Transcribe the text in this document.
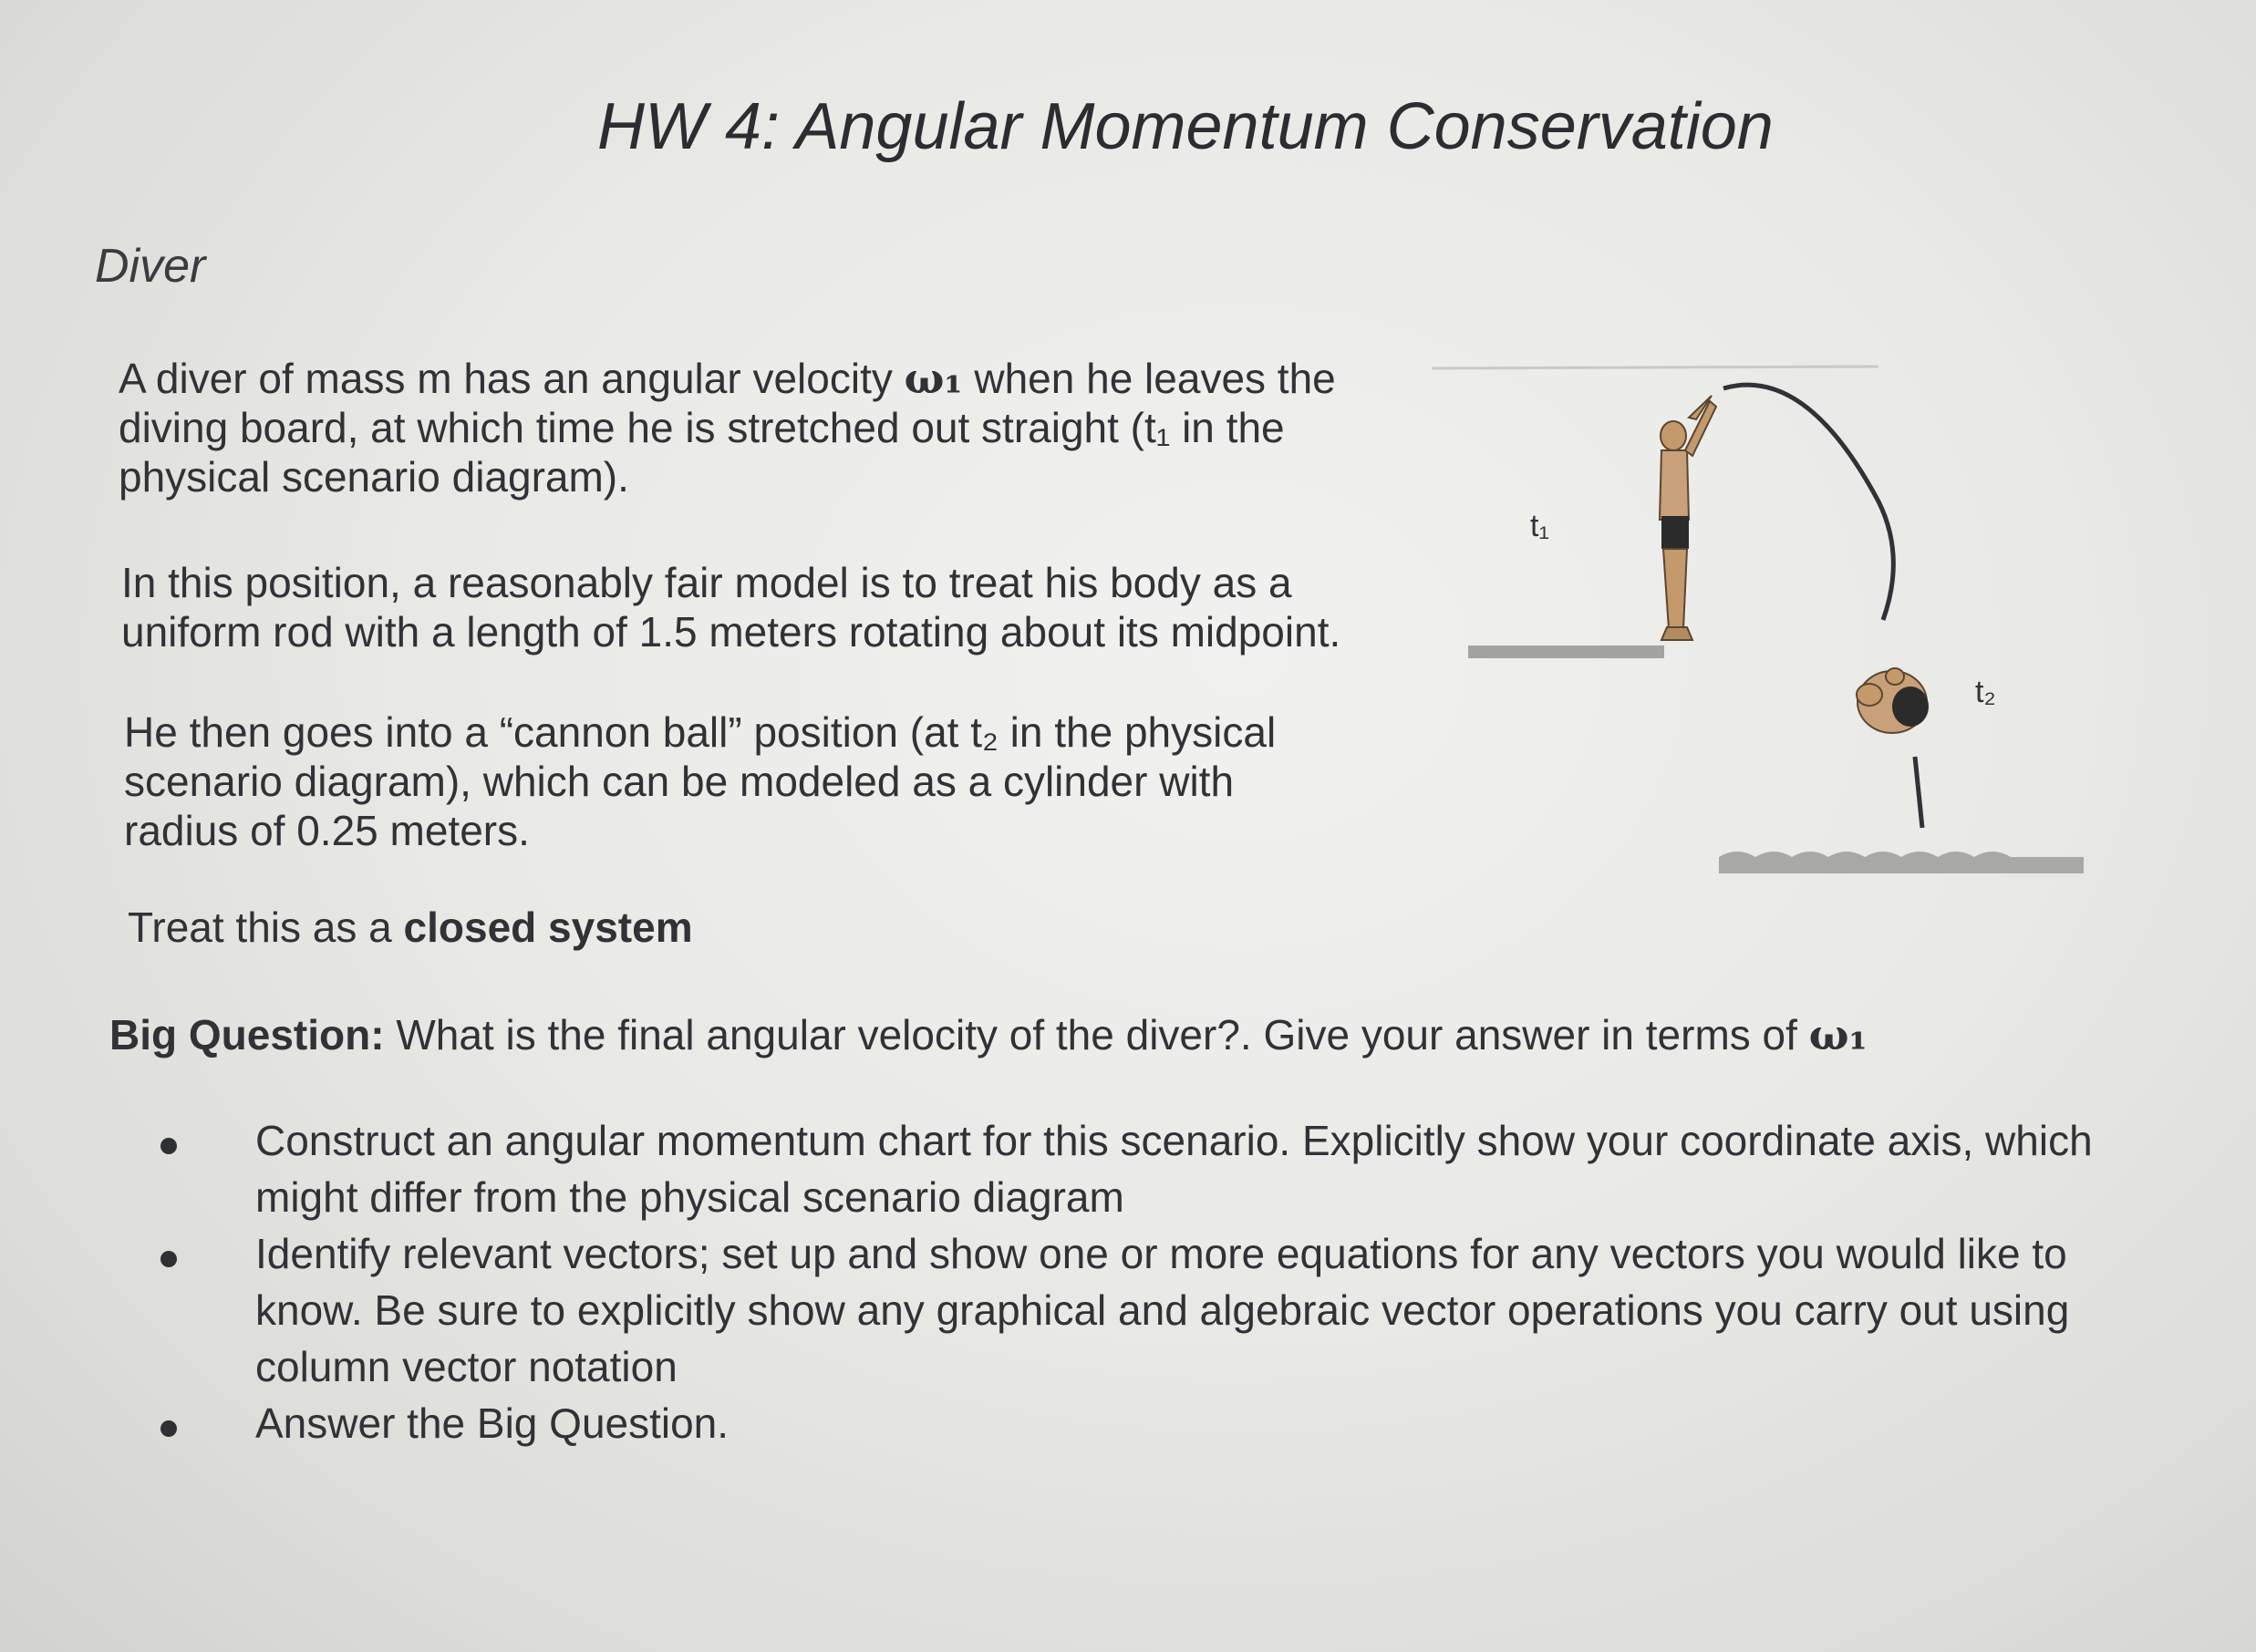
HW 4: Angular Momentum Conservation
Diver
A diver of mass m has an angular velocity ω₁ when he leaves the
diving board, at which time he is stretched out straight (t₁ in the
physical scenario diagram).
In this position, a reasonably fair model is to treat his body as a
uniform rod with a length of 1.5 meters rotating about its midpoint.
He then goes into a “cannon ball” position (at t₂ in the physical
scenario diagram), which can be modeled as a cylinder with
radius of 0.25 meters.
Treat this as a closed system
Big Question: What is the final angular velocity of the diver?. Give your answer in terms of ω₁
Construct an angular momentum chart for this scenario. Explicitly show your coordinate axis, which
might differ from the physical scenario diagram
Identify relevant vectors; set up and show one or more equations for any vectors you would like to
know. Be sure to explicitly show any graphical and algebraic vector operations you carry out using
column vector notation
Answer the Big Question.
t₁
t₂
